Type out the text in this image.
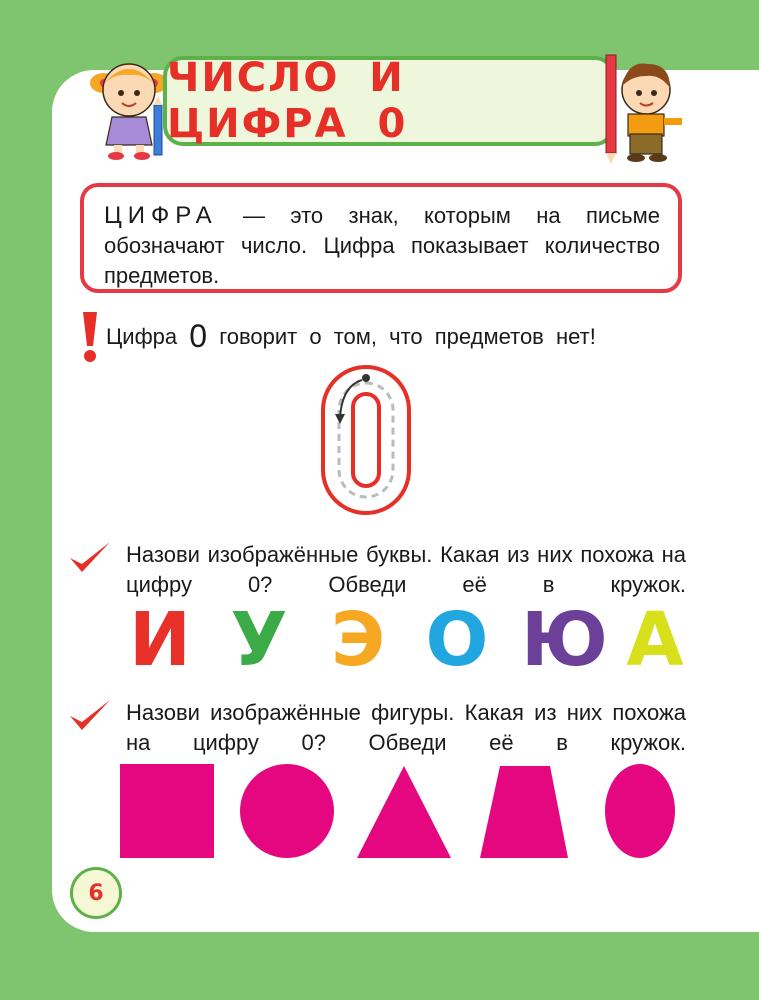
ЧИСЛО И ЦИФРА 0
ЦИФРА — это знак, которым на письме обозначают число. Цифра показывает количество предметов.
Цифра 0 говорит о том, что предметов нет!
Назови изображённые буквы. Какая из них похожа на цифру 0? Обведи её в кружок.
И У Э О Ю А
Назови изображённые фигуры. Какая из них похожа на цифру 0? Обведи её в кружок.
6
